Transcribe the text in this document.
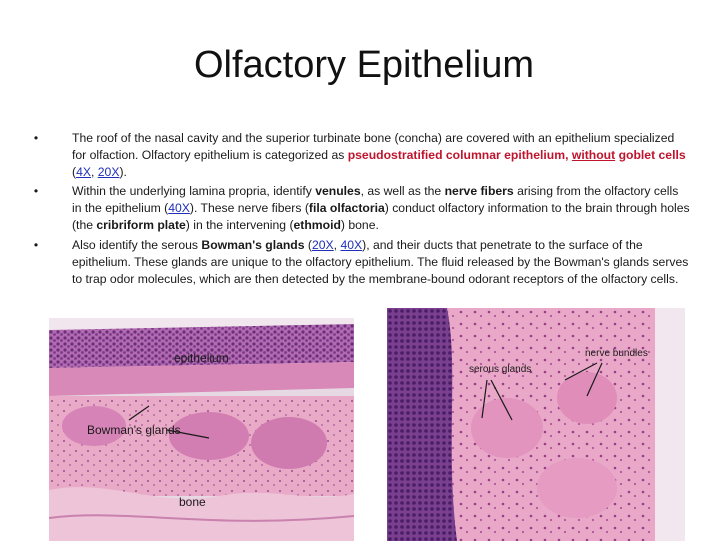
Olfactory Epithelium
•	The roof of the nasal cavity and the superior turbinate bone (concha) are covered with an epithelium specialized for olfaction. Olfactory epithelium is categorized as pseudostratified columnar epithelium, without goblet cells (4X, 20X).
•	Within the underlying lamina propria, identify venules, as well as the nerve fibers arising from the olfactory cells in the epithelium (40X). These nerve fibers (fila olfactoria) conduct olfactory information to the brain through holes (the cribriform plate) in the intervening (ethmoid) bone.
•	Also identify the serous Bowman's glands (20X, 40X), and their ducts that penetrate to the surface of the epithelium. These glands are unique to the olfactory epithelium. The fluid released by the Bowman's glands serves to trap odor molecules, which are then detected by the membrane-bound odorant receptors of the olfactory cells.
epithelium
Bowman's glands
bone
serous glands
nerve bundles
